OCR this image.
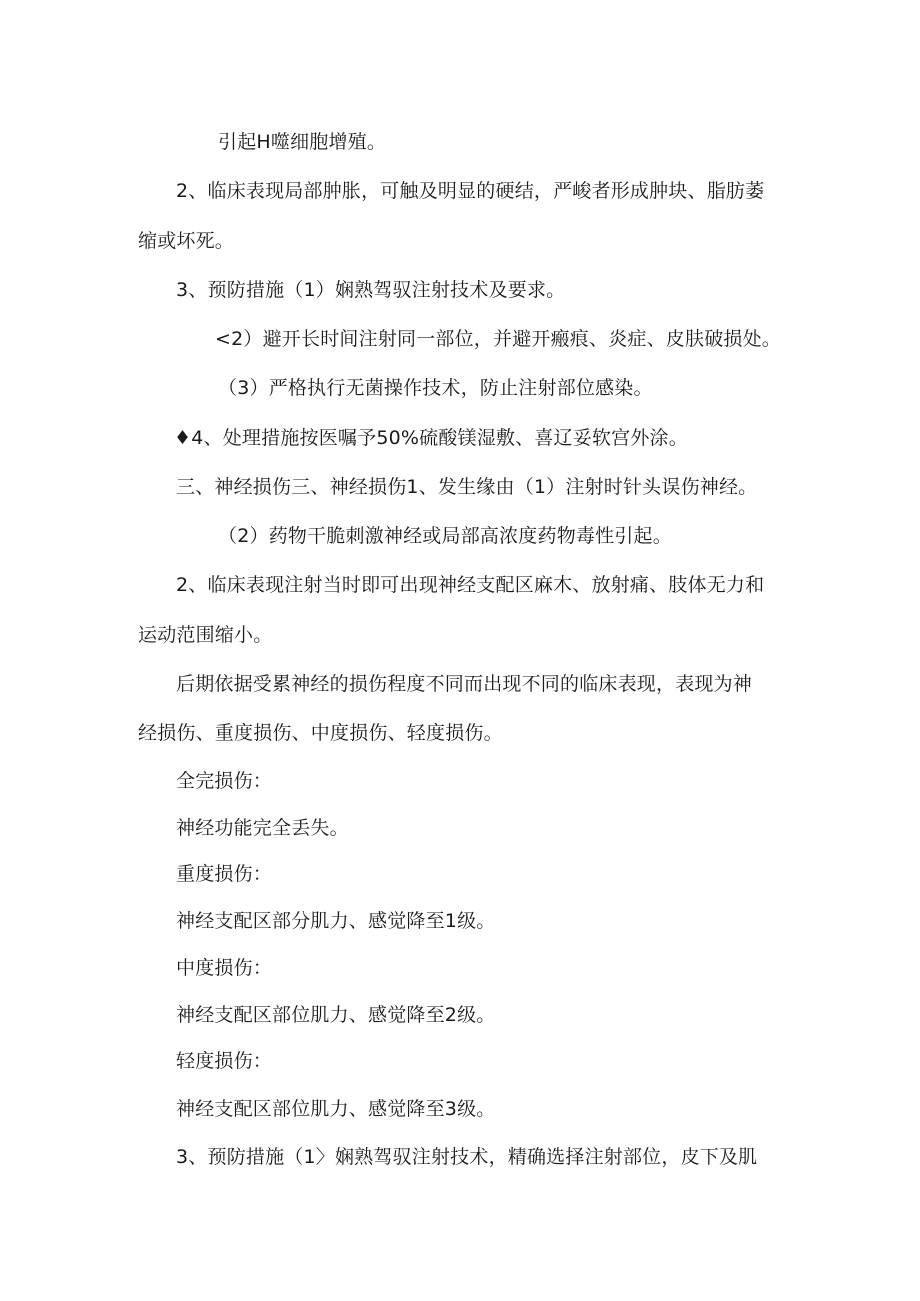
引起H噬细胞增殖。
2、临床表现局部肿胀，可触及明显的硬结，严峻者形成肿块、脂肪萎
缩或坏死。
3、预防措施（1）娴熟驾驭注射技术及要求。
<2）避开长时间注射同一部位，并避开瘢痕、炎症、皮肤破损处。
（3）严格执行无菌操作技术，防止注射部位感染。
♦4、处理措施按医嘱予50%硫酸镁湿敷、喜辽妥软宫外涂。
三、神经损伤三、神经损伤1、发生缘由（1）注射时针头误伤神经。
（2）药物干脆刺激神经或局部高浓度药物毒性引起。
2、临床表现注射当时即可出现神经支配区麻木、放射痛、肢体无力和
运动范围缩小。
后期依据受累神经的损伤程度不同而出现不同的临床表现，表现为神
经损伤、重度损伤、中度损伤、轻度损伤。
全完损伤：
神经功能完全丢失。
重度损伤：
神经支配区部分肌力、感觉降至1级。
中度损伤：
神经支配区部位肌力、感觉降至2级。
轻度损伤：
神经支配区部位肌力、感觉降至3级。
3、预防措施（1〉娴熟驾驭注射技术，精确选择注射部位，皮下及肌
